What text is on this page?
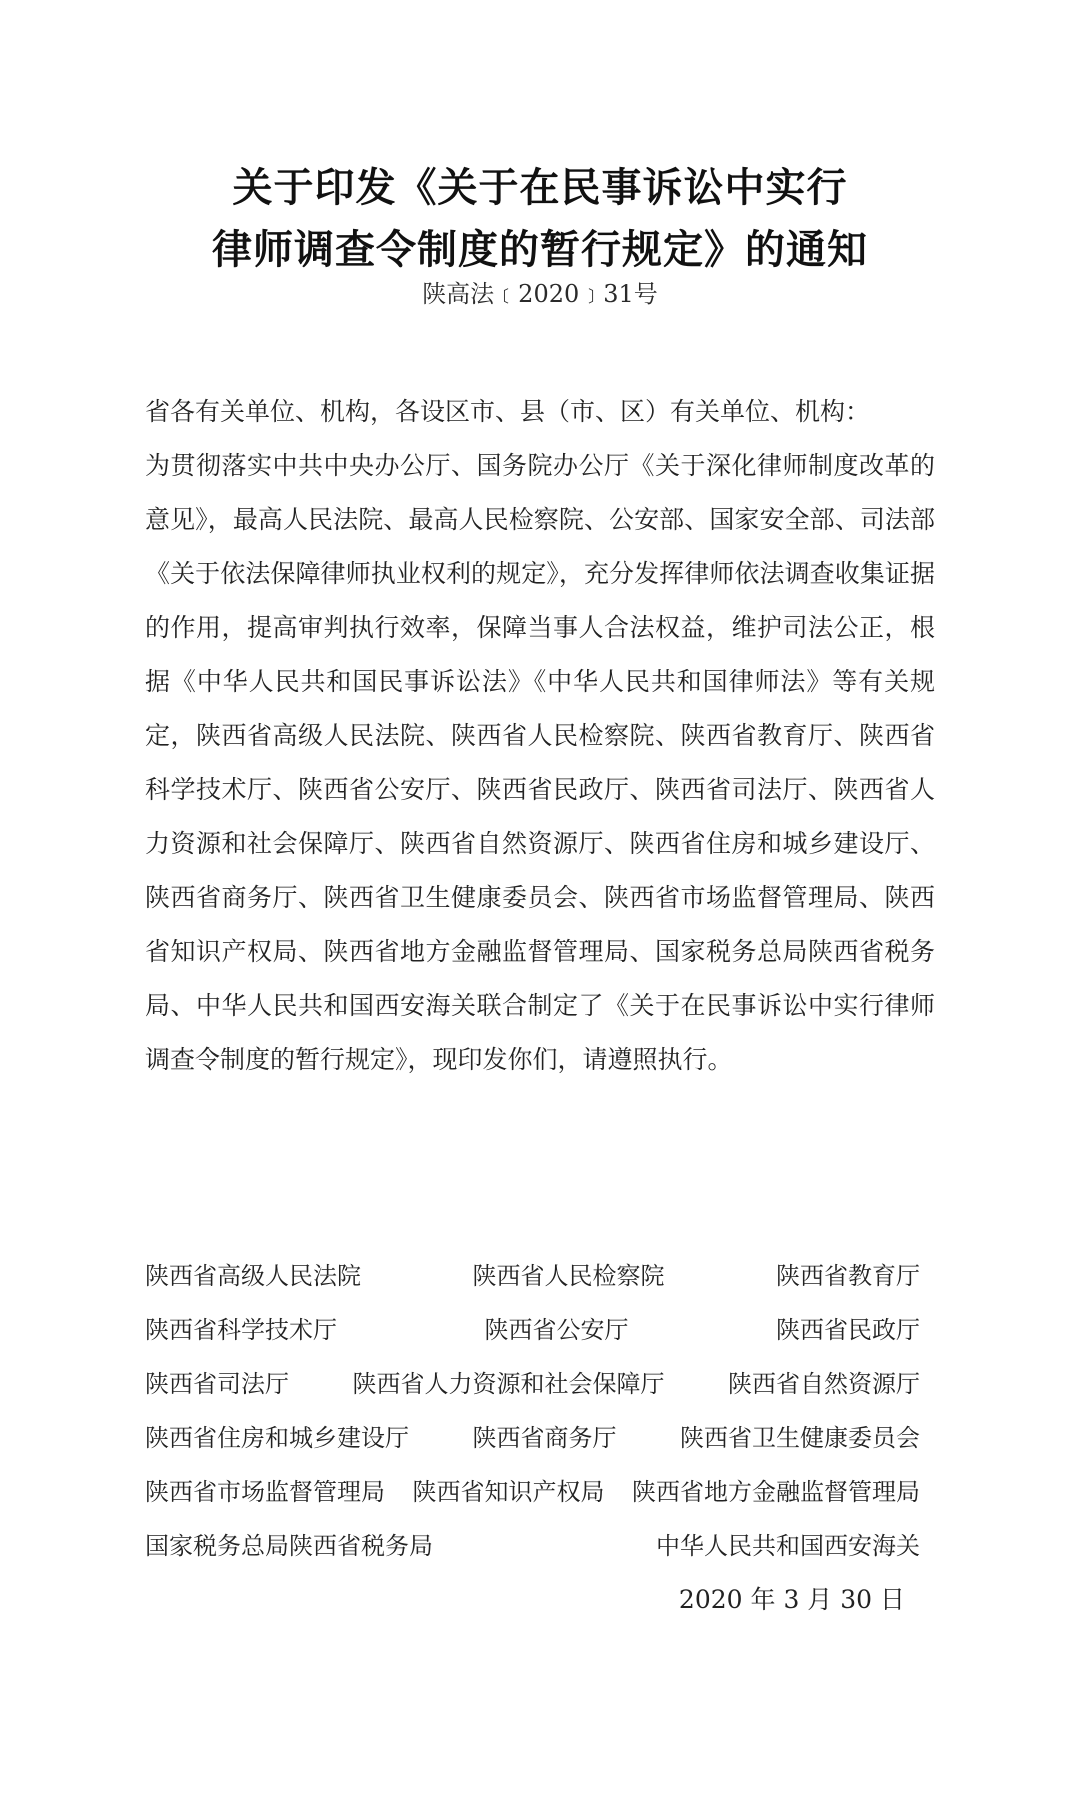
关于印发《关于在民事诉讼中实行
律师调查令制度的暂行规定》的通知
陕高法﹝2020﹞31号
省各有关单位、机构，各设区市、县（市、区）有关单位、机构：
为贯彻落实中共中央办公厅、国务院办公厅《关于深化律师制度改革的意见》，最高人民法院、最高人民检察院、公安部、国家安全部、司法部《关于依法保障律师执业权利的规定》，充分发挥律师依法调查收集证据的作用，提高审判执行效率，保障当事人合法权益，维护司法公正，根据《中华人民共和国民事诉讼法》《中华人民共和国律师法》等有关规定，陕西省高级人民法院、陕西省人民检察院、陕西省教育厅、陕西省科学技术厅、陕西省公安厅、陕西省民政厅、陕西省司法厅、陕西省人力资源和社会保障厅、陕西省自然资源厅、陕西省住房和城乡建设厅、陕西省商务厅、陕西省卫生健康委员会、陕西省市场监督管理局、陕西省知识产权局、陕西省地方金融监督管理局、国家税务总局陕西省税务局、中华人民共和国西安海关联合制定了《关于在民事诉讼中实行律师调查令制度的暂行规定》，现印发你们，请遵照执行。
陕西省高级人民法院	陕西省人民检察院	陕西省教育厅
陕西省科学技术厅	陕西省公安厅	陕西省民政厅
陕西省司法厅	陕西省人力资源和社会保障厅	陕西省自然资源厅
陕西省住房和城乡建设厅	陕西省商务厅	陕西省卫生健康委员会
陕西省市场监督管理局 陕西省知识产权局 陕西省地方金融监督管理局
国家税务总局陕西省税务局	中华人民共和国西安海关
2020 年 3 月 30 日
